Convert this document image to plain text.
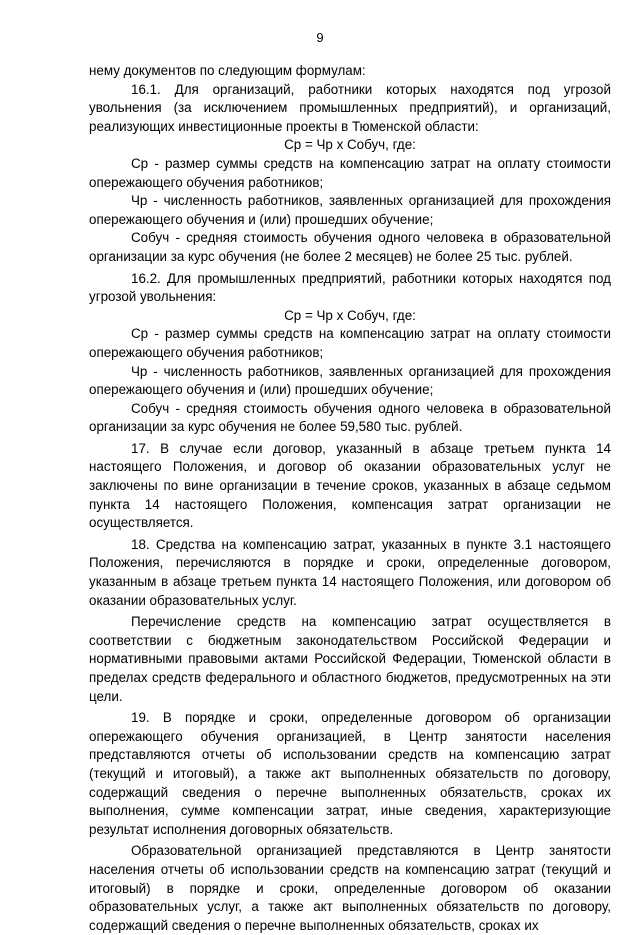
9

нему документов по следующим формулам:

16.1. Для организаций, работники которых находятся под угрозой увольнения (за исключением промышленных предприятий), и организаций, реализующих инвестиционные проекты в Тюменской области:

Ср = Чр х Собуч, где:

Ср - размер суммы средств на компенсацию затрат на оплату стоимости опережающего обучения работников;

Чр - численность работников, заявленных организацией для прохождения опережающего обучения и (или) прошедших обучение;

Собуч - средняя стоимость обучения одного человека в образовательной организации за курс обучения (не более 2 месяцев) не более 25 тыс. рублей.

16.2. Для промышленных предприятий, работники которых находятся под угрозой увольнения:

Ср = Чр х Собуч, где:

Ср - размер суммы средств на компенсацию затрат на оплату стоимости опережающего обучения работников;

Чр - численность работников, заявленных организацией для прохождения опережающего обучения и (или) прошедших обучение;

Собуч - средняя стоимость обучения одного человека в образовательной организации за курс обучения не более 59,580 тыс. рублей.

17. В случае если договор, указанный в абзаце третьем пункта 14 настоящего Положения, и договор об оказании образовательных услуг не заключены по вине организации в течение сроков, указанных в абзаце седьмом пункта 14 настоящего Положения, компенсация затрат организации не осуществляется.

18. Средства на компенсацию затрат, указанных в пункте 3.1 настоящего Положения, перечисляются в порядке и сроки, определенные договором, указанным в абзаце третьем пункта 14 настоящего Положения, или договором об оказании образовательных услуг.

Перечисление средств на компенсацию затрат осуществляется в соответствии с бюджетным законодательством Российской Федерации и нормативными правовыми актами Российской Федерации, Тюменской области в пределах средств федерального и областного бюджетов, предусмотренных на эти цели.

19. В порядке и сроки, определенные договором об организации опережающего обучения организацией, в Центр занятости населения представляются отчеты об использовании средств на компенсацию затрат (текущий и итоговый), а также акт выполненных обязательств по договору, содержащий сведения о перечне выполненных обязательств, сроках их выполнения, сумме компенсации затрат, иные сведения, характеризующие результат исполнения договорных обязательств.

Образовательной организацией представляются в Центр занятости населения отчеты об использовании средств на компенсацию затрат (текущий и итоговый) в порядке и сроки, определенные договором об оказании образовательных услуг, а также акт выполненных обязательств по договору, содержащий сведения о перечне выполненных обязательств, сроках их
